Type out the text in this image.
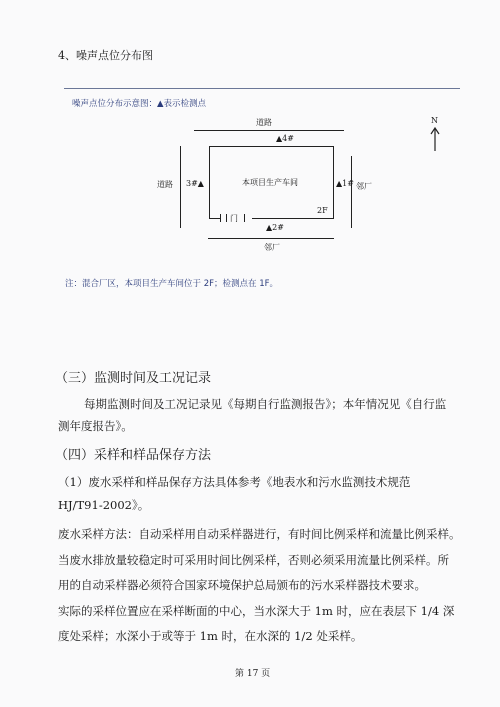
4、噪声点位分布图
噪声点位分布示意图：▲表示检测点
道路
道路	邻厂
门
本项目生产车间
2F
▲4#
▲1#
3#▲
▲2#
邻厂
N
注：混合厂区，本项目生产车间位于 2F；检测点在 1F。
（三）监测时间及工况记录
每期监测时间及工况记录见《每期自行监测报告》；本年情况见《自行监
测年度报告》。
（四）采样和样品保存方法
（1）废水采样和样品保存方法具体参考《地表水和污水监测技术规范
HJ/T91-2002》。
废水采样方法：自动采样用自动采样器进行，有时间比例采样和流量比例采样。
当废水排放量较稳定时可采用时间比例采样，否则必须采用流量比例采样。所
用的自动采样器必须符合国家环境保护总局颁布的污水采样器技术要求。
实际的采样位置应在采样断面的中心，当水深大于 1m 时，应在表层下 1/4 深
度处采样；水深小于或等于 1m 时，在水深的 1/2 处采样。
第 17 页
